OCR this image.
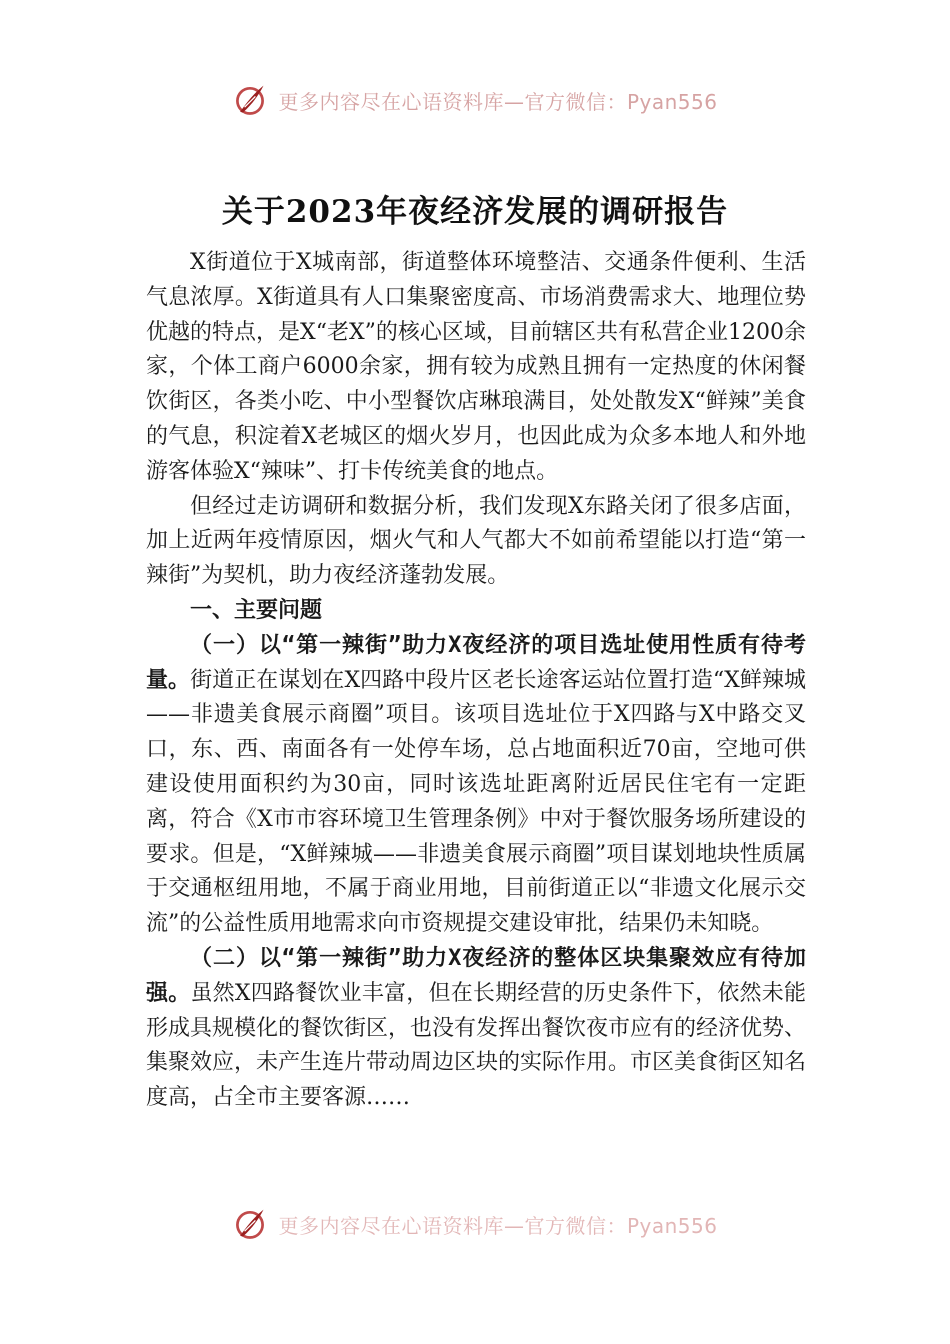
更多内容尽在心语资料库—官方微信：Pyan556
关于2023年夜经济发展的调研报告

X街道位于X城南部，街道整体环境整洁、交通条件便利、生活气息浓厚。X街道具有人口集聚密度高、市场消费需求大、地理位势优越的特点，是X“老X”的核心区域，目前辖区共有私营企业1200余家，个体工商户6000余家，拥有较为成熟且拥有一定热度的休闲餐饮街区，各类小吃、中小型餐饮店琳琅满目，处处散发X“鲜辣”美食的气息，积淀着X老城区的烟火岁月，也因此成为众多本地人和外地游客体验X“辣味”、打卡传统美食的地点。

但经过走访调研和数据分析，我们发现X东路关闭了很多店面，加上近两年疫情原因，烟火气和人气都大不如前希望能以打造“第一辣街”为契机，助力夜经济蓬勃发展。

一、主要问题

（一）以“第一辣街”助力X夜经济的项目选址使用性质有待考量。街道正在谋划在X四路中段片区老长途客运站位置打造“X鲜辣城——非遗美食展示商圈”项目。该项目选址位于X四路与X中路交叉口，东、西、南面各有一处停车场，总占地面积近70亩，空地可供建设使用面积约为30亩，同时该选址距离附近居民住宅有一定距离，符合《X市市容环境卫生管理条例》中对于餐饮服务场所建设的要求。但是，“X鲜辣城——非遗美食展示商圈”项目谋划地块性质属于交通枢纽用地，不属于商业用地，目前街道正以“非遗文化展示交流”的公益性质用地需求向市资规提交建设审批，结果仍未知晓。

（二）以“第一辣街”助力X夜经济的整体区块集聚效应有待加强。虽然X四路餐饮业丰富，但在长期经营的历史条件下，依然未能形成具规模化的餐饮街区，也没有发挥出餐饮夜市应有的经济优势、集聚效应，未产生连片带动周边区块的实际作用。市区美食街区知名度高，占全市主要客源……

更多内容尽在心语资料库—官方微信：Pyan556
